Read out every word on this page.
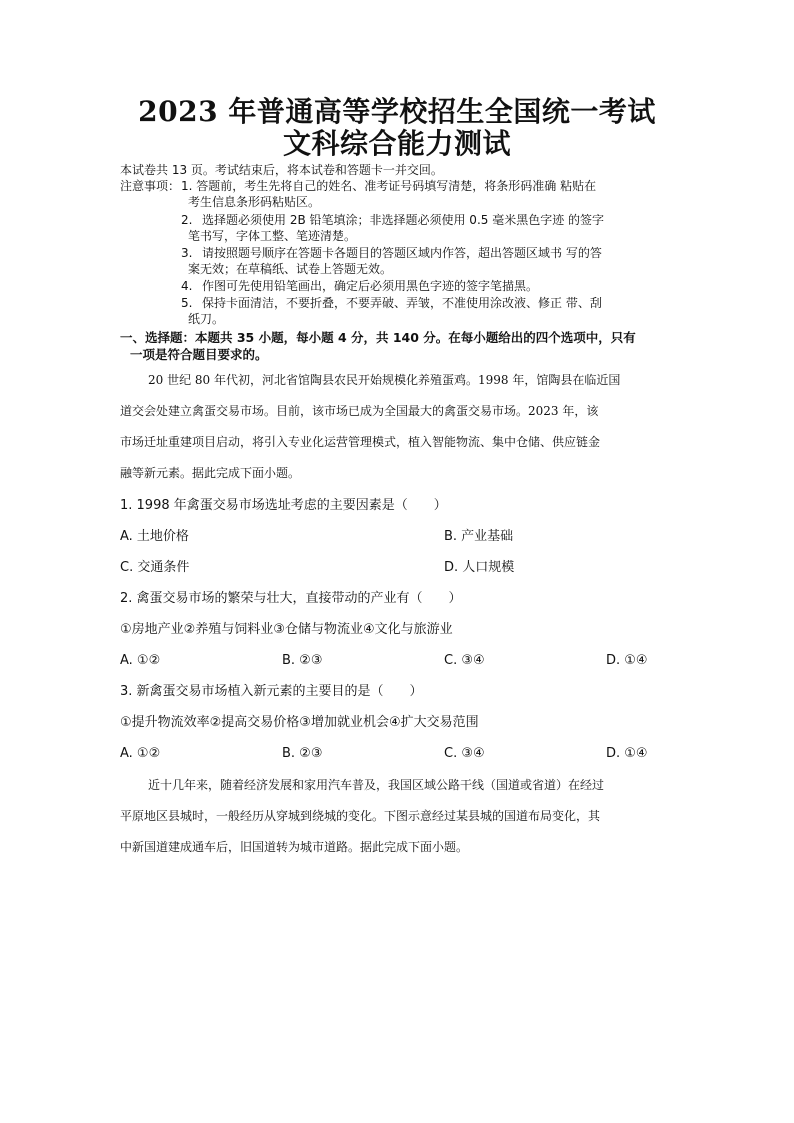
2023 年普通高等学校招生全国统一考试
文科综合能力测试
本试卷共 13 页。考试结束后，将本试卷和答题卡一并交回。
注意事项： 1. 答题前，考生先将自己的姓名、准考证号码填写清楚，将条形码准确 粘贴在
考生信息条形码粘贴区。
2. 选择题必须使用 2B 铅笔填涂；非选择题必须使用 0.5 毫米黑色字迹 的签字
笔书写，字体工整、笔迹清楚。
3. 请按照题号顺序在答题卡各题目的答题区域内作答，超出答题区域书 写的答
案无效；在草稿纸、试卷上答题无效。
4. 作图可先使用铅笔画出，确定后必须用黑色字迹的签字笔描黑。
5. 保持卡面清洁，不要折叠，不要弄破、弄皱，不准使用涂改液、修正 带、刮
纸刀。
一、选择题：本题共 35 小题，每小题 4 分，共 140 分。在每小题给出的四个选项中，只有
一项是符合题目要求的。
20 世纪 80 年代初，河北省馆陶县农民开始规模化养殖蛋鸡。1998 年，馆陶县在临近国
道交会处建立禽蛋交易市场。目前，该市场已成为全国最大的禽蛋交易市场。2023 年，该
市场迁址重建项目启动，将引入专业化运营管理模式，植入智能物流、集中仓储、供应链金
融等新元素。据此完成下面小题。
1. 1998 年禽蛋交易市场选址考虑的主要因素是（　　）
A. 土地价格	B. 产业基础
C. 交通条件	D. 人口规模
2. 禽蛋交易市场的繁荣与壮大，直接带动的产业有（　　）
①房地产业②养殖与饲料业③仓储与物流业④文化与旅游业
A. ①②	B. ②③	C. ③④	D. ①④
3. 新禽蛋交易市场植入新元素的主要目的是（　　）
①提升物流效率②提高交易价格③增加就业机会④扩大交易范围
A. ①②	B. ②③	C. ③④	D. ①④
近十几年来，随着经济发展和家用汽车普及，我国区域公路干线（国道或省道）在经过
平原地区县城时，一般经历从穿城到绕城的变化。下图示意经过某县城的国道布局变化，其
中新国道建成通车后，旧国道转为城市道路。据此完成下面小题。
